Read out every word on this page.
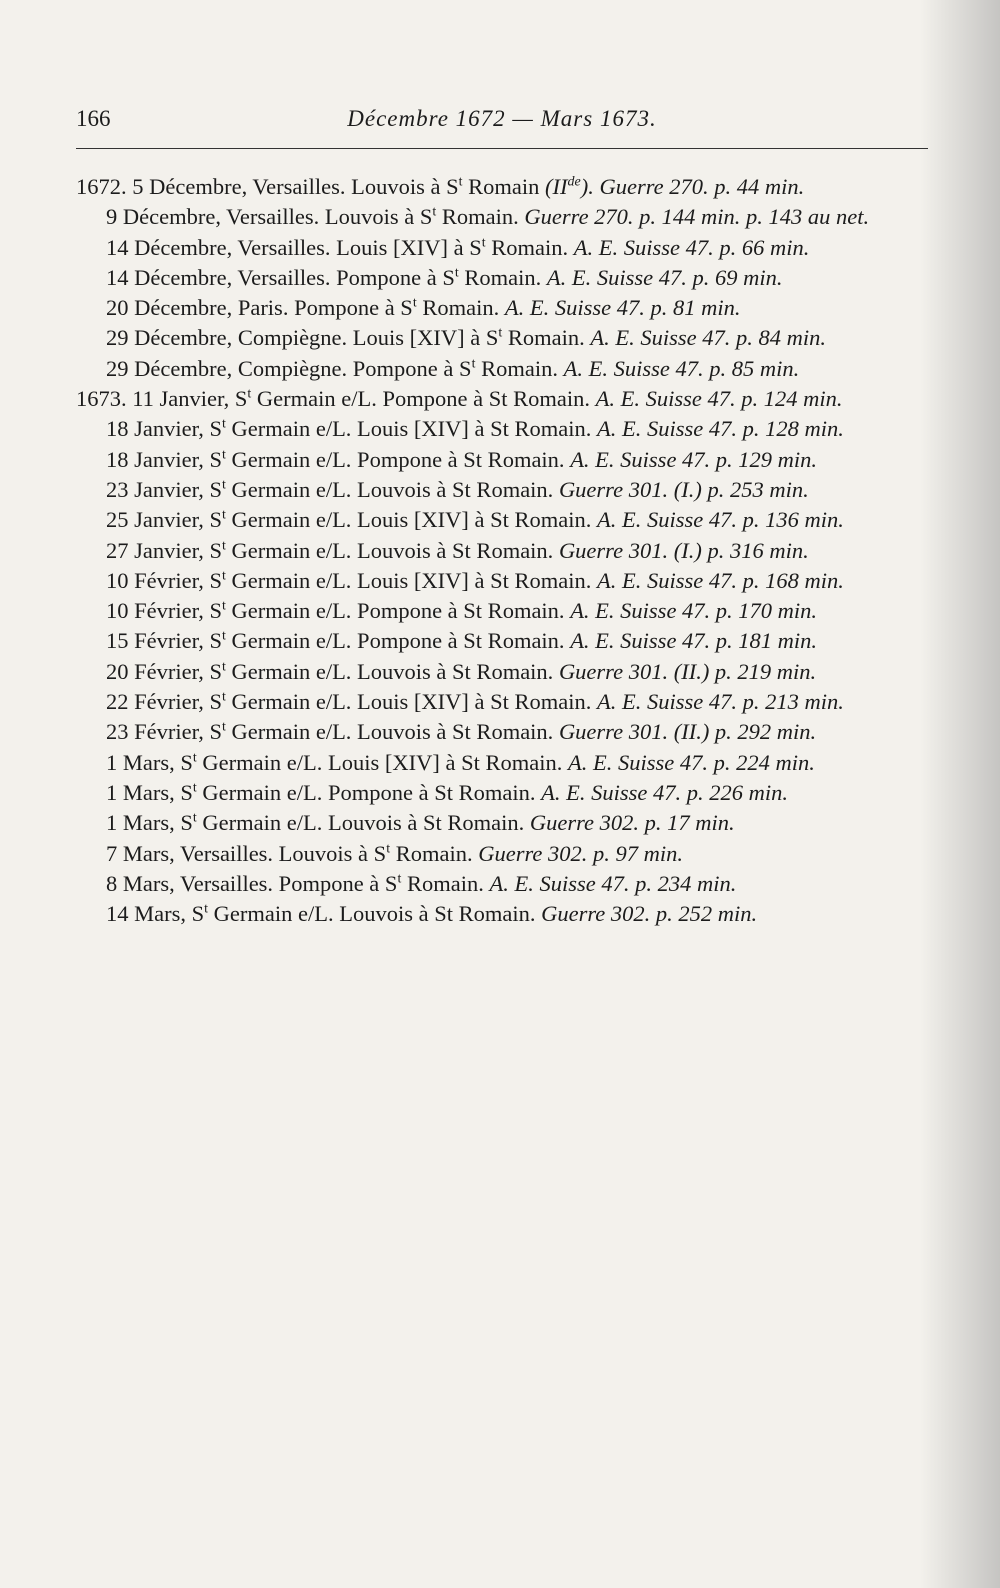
166	Décembre 1672 — Mars 1673.
1672. 5 Décembre, Versailles. Louvois à $S^t$ Romain (IIde). Guerre 270. p. 44 min.
9 Décembre, Versailles. Louvois à $S^t$ Romain. Guerre 270. p. 144 min. p. 143 au net.
14 Décembre, Versailles. Louis [XIV] à $S^t$ Romain. A. E. Suisse 47. p. 66 min.
14 Décembre, Versailles. Pompone à $S^t$ Romain. A. E. Suisse 47. p. 69 min.
20 Décembre, Paris. Pompone à $S^t$ Romain. A. E. Suisse 47. p. 81 min.
29 Décembre, Compiègne. Louis [XIV] à $S^t$ Romain. A. E. Suisse 47. p. 84 min.
29 Décembre, Compiègne. Pompone à $S^t$ Romain. A. E. Suisse 47. p. 85 min.
1673. 11 Janvier, $S^t$ Germain e/L. Pompone à St Romain. A. E. Suisse 47. p. 124 min.
18 Janvier, $S^t$ Germain e/L. Louis [XIV] à St Romain. A. E. Suisse 47. p. 128 min.
18 Janvier, $S^t$ Germain e/L. Pompone à St Romain. A. E. Suisse 47. p. 129 min.
23 Janvier, $S^t$ Germain e/L. Louvois à St Romain. Guerre 301. (I.) p. 253 min.
25 Janvier, $S^t$ Germain e/L. Louis [XIV] à St Romain. A. E. Suisse 47. p. 136 min.
27 Janvier, $S^t$ Germain e/L. Louvois à St Romain. Guerre 301. (I.) p. 316 min.
10 Février, $S^t$ Germain e/L. Louis [XIV] à St Romain. A. E. Suisse 47. p. 168 min.
10 Février, $S^t$ Germain e/L. Pompone à St Romain. A. E. Suisse 47. p. 170 min.
15 Février, $S^t$ Germain e/L. Pompone à St Romain. A. E. Suisse 47. p. 181 min.
20 Février, $S^t$ Germain e/L. Louvois à St Romain. Guerre 301. (II.) p. 219 min.
22 Février, $S^t$ Germain e/L. Louis [XIV] à St Romain. A. E. Suisse 47. p. 213 min.
23 Février, $S^t$ Germain e/L. Louvois à St Romain. Guerre 301. (II.) p. 292 min.
1 Mars, $S^t$ Germain e/L. Louis [XIV] à St Romain. A. E. Suisse 47. p. 224 min.
1 Mars, $S^t$ Germain e/L. Pompone à St Romain. A. E. Suisse 47. p. 226 min.
1 Mars, $S^t$ Germain e/L. Louvois à St Romain. Guerre 302. p. 17 min.
7 Mars, Versailles. Louvois à $S^t$ Romain. Guerre 302. p. 97 min.
8 Mars, Versailles. Pompone à $S^t$ Romain. A. E. Suisse 47. p. 234 min.
14 Mars, $S^t$ Germain e/L. Louvois à St Romain. Guerre 302. p. 252 min.
